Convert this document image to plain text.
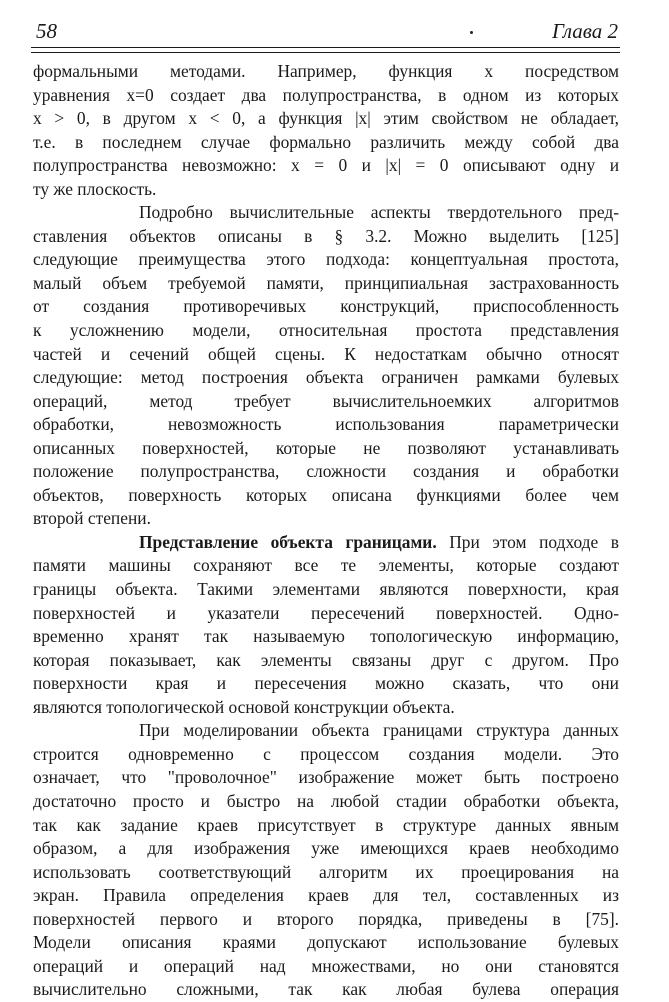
58	Глава 2
формальными методами. Например, функция x посредством
уравнения x=0 создает два полупространства, в одном из которых
x > 0, в другом x < 0, а функция |x| этим свойством не обладает,
т.е. в последнем случае формально различить между собой два
полупространства невозможно: x = 0 и |x| = 0 описывают одну и
ту же плоскость.
Подробно вычислительные аспекты твердотельного пред-
ставления объектов описаны в § 3.2. Можно выделить [125]
следующие преимущества этого подхода: концептуальная простота,
малый объем требуемой памяти, принципиальная застрахованность
от создания противоречивых конструкций, приспособленность
к усложнению модели, относительная простота представления
частей и сечений общей сцены. К недостаткам обычно относят
следующие: метод построения объекта ограничен рамками булевых
операций, метод требует вычислительноемких алгоритмов
обработки, невозможность использования параметрически
описанных поверхностей, которые не позволяют устанавливать
положение полупространства, сложности создания и обработки
объектов, поверхность которых описана функциями более чем
второй степени.
Представление объекта границами. При этом подходе в
памяти машины сохраняют все те элементы, которые создают
границы объекта. Такими элементами являются поверхности, края
поверхностей и указатели пересечений поверхностей. Одно-
временно хранят так называемую топологическую информацию,
которая показывает, как элементы связаны друг с другом. Про
поверхности края и пересечения можно сказать, что они
являются топологической основой конструкции объекта.
При моделировании объекта границами структура данных
строится одновременно с процессом создания модели. Это
означает, что "проволочное" изображение может быть построено
достаточно просто и быстро на любой стадии обработки объекта,
так как задание краев присутствует в структуре данных явным
образом, а для изображения уже имеющихся краев необходимо
использовать соответствующий алгоритм их проецирования на
экран. Правила определения краев для тел, составленных из
поверхностей первого и второго порядка, приведены в [75].
Модели описания краями допускают использование булевых
операций и операций над множествами, но они становятся
вычислительно сложными, так как любая булева операция
